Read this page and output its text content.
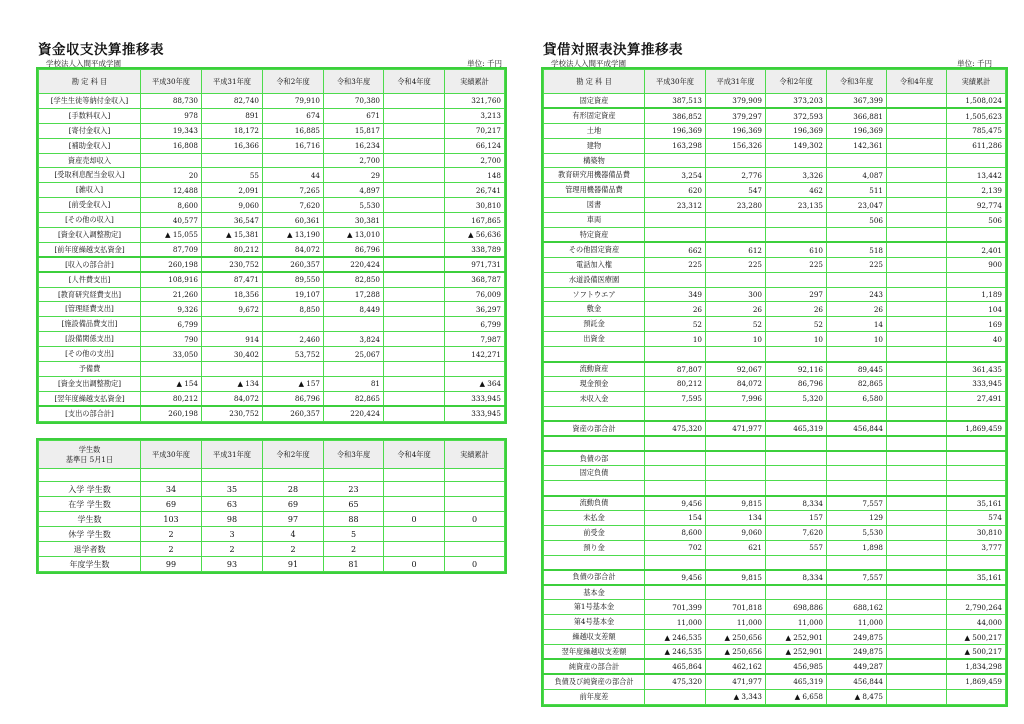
資金収支決算推移表
学校法人入間平成学園	単位: 千円
勘 定 科 目	平成30年度	平成31年度	令和2年度	令和3年度	令和4年度	実績累計
[学生生徒等納付金収入]	88,730	82,740	79,910	70,380		321,760
[手数料収入]	978	891	674	671		3,213
[寄付金収入]	19,343	18,172	16,885	15,817		70,217
[補助金収入]	16,808	16,366	16,716	16,234		66,124
資産売却収入				2,700		2,700
[受取利息配当金収入]	20	55	44	29		148
[雑収入]	12,488	2,091	7,265	4,897		26,741
[前受金収入]	8,600	9,060	7,620	5,530		30,810
[その他の収入]	40,577	36,547	60,361	30,381		167,865
[資金収入調整勘定]	▲ 15,055	▲ 15,381	▲ 13,190	▲ 13,010		▲ 56,636
[前年度繰越支払資金]	87,709	80,212	84,072	86,796		338,789
[収入の部合計]	260,198	230,752	260,357	220,424		971,731
[人件費支出]	108,916	87,471	89,550	82,850		368,787
[教育研究経費支出]	21,260	18,356	19,107	17,288		76,009
[管理経費支出]	9,326	9,672	8,850	8,449		36,297
[施設備品費支出]	6,799					6,799
[設備関係支出]	790	914	2,460	3,824		7,987
[その他の支出]	33,050	30,402	53,752	25,067		142,271
予備費						
[資金支出調整勘定]	▲ 154	▲ 134	▲ 157	81		▲ 364
[翌年度繰越支払資金]	80,212	84,072	86,796	82,865		333,945
[支出の部合計]	260,198	230,752	260,357	220,424		333,945
学生数
基準日 5月1日	平成30年度	平成31年度	令和2年度	令和3年度	令和4年度	実績累計

入学 学生数	34	35	28	23		
在学 学生数	69	63	69	65		
学生数	103	98	97	88	0	0
休学 学生数	2	3	4	5		
退学者数	2	2	2	2		
年度学生数	99	93	91	81	0	0
貸借対照表決算推移表
学校法人入間平成学園	単位: 千円
勘 定 科 目	平成30年度	平成31年度	令和2年度	令和3年度	令和4年度	実績累計
固定資産	387,513	379,909	373,203	367,399		1,508,024
有形固定資産	386,852	379,297	372,593	366,881		1,505,623
土地	196,369	196,369	196,369	196,369		785,475
建物	163,298	156,326	149,302	142,361		611,286
構築物						
教育研究用機器備品費	3,254	2,776	3,326	4,087		13,442
管理用機器備品費	620	547	462	511		2,139
図書	23,312	23,280	23,135	23,047		92,774
車両				506		506
特定資産						
その他固定資産	662	612	610	518		2,401
電話加入権	225	225	225	225		900
水道設備医療園						
ソフトウエア	349	300	297	243		1,189
敷金	26	26	26	26		104
預託金	52	52	52	14		169
出資金	10	10	10	10		40

流動資産	87,807	92,067	92,116	89,445		361,435
現金預金	80,212	84,072	86,796	82,865		333,945
未収入金	7,595	7,996	5,320	6,580		27,491

資産の部合計	475,320	471,977	465,319	456,844		1,869,459

負債の部						
固定負債						

流動負債	9,456	9,815	8,334	7,557		35,161
未払金	154	134	157	129		574
前受金	8,600	9,060	7,620	5,530		30,810
預り金	702	621	557	1,898		3,777

負債の部合計	9,456	9,815	8,334	7,557		35,161
基本金						
第1号基本金	701,399	701,818	698,886	688,162		2,790,264
第4号基本金	11,000	11,000	11,000	11,000		44,000
繰越収支差額	▲ 246,535	▲ 250,656	▲ 252,901	249,875		▲ 500,217
翌年度繰越収支差額	▲ 246,535	▲ 250,656	▲ 252,901	249,875		▲ 500,217
純資産の部合計	465,864	462,162	456,985	449,287		1,834,298
負債及び純資産の部合計	475,320	471,977	465,319	456,844		1,869,459
前年度差		▲ 3,343	▲ 6,658	▲ 8,475		
